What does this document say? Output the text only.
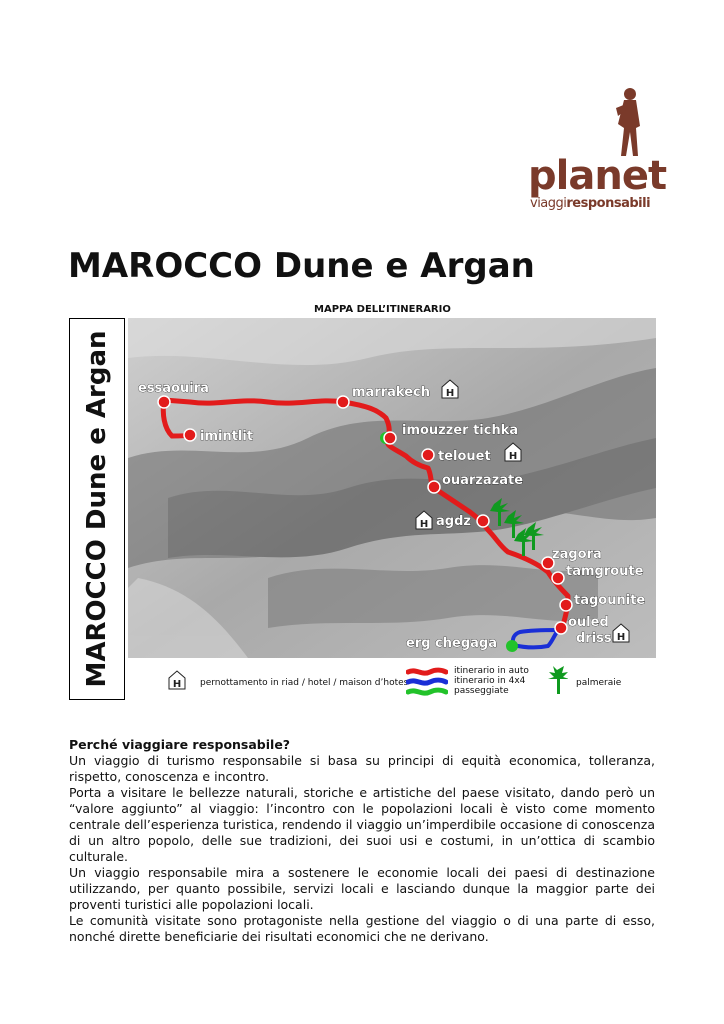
planet
viaggiresponsabili
MAROCCO Dune e Argan

MAPPA DELL’ITINERARIO

MAROCCO Dune e Argan	H
H
H
H
essaouira
imintlit
marrakech
imouzzer tichka
telouet
ouarzazate
agdz
zagora
tamgroute
tagounite
ouled
driss
erg chegaga
H pernottamento in riad / hotel / maison d’hotes
itinerario in auto
itinerario in 4x4
passeggiate
palmeraie

Perché viaggiare responsabile?

Un viaggio di turismo responsabile si basa su principi di equità economica, tolleranza, rispetto, conoscenza e incontro.

Porta a visitare le bellezze naturali, storiche e artistiche del paese visitato, dando però un “valore aggiunto” al viaggio: l’incontro con le popolazioni locali è visto come momento centrale dell’esperienza turistica, rendendo il viaggio un’imperdibile occasione di conoscenza di un altro popolo, delle sue tradizioni, dei suoi usi e costumi, in un’ottica di scambio culturale.

Un viaggio responsabile mira a sostenere le economie locali dei paesi di destinazione utilizzando, per quanto possibile, servizi locali e lasciando dunque la maggior parte dei proventi turistici alle popolazioni locali.

Le comunità visitate sono protagoniste nella gestione del viaggio o di una parte di esso, nonché dirette beneficiarie dei risultati economici che ne derivano.
